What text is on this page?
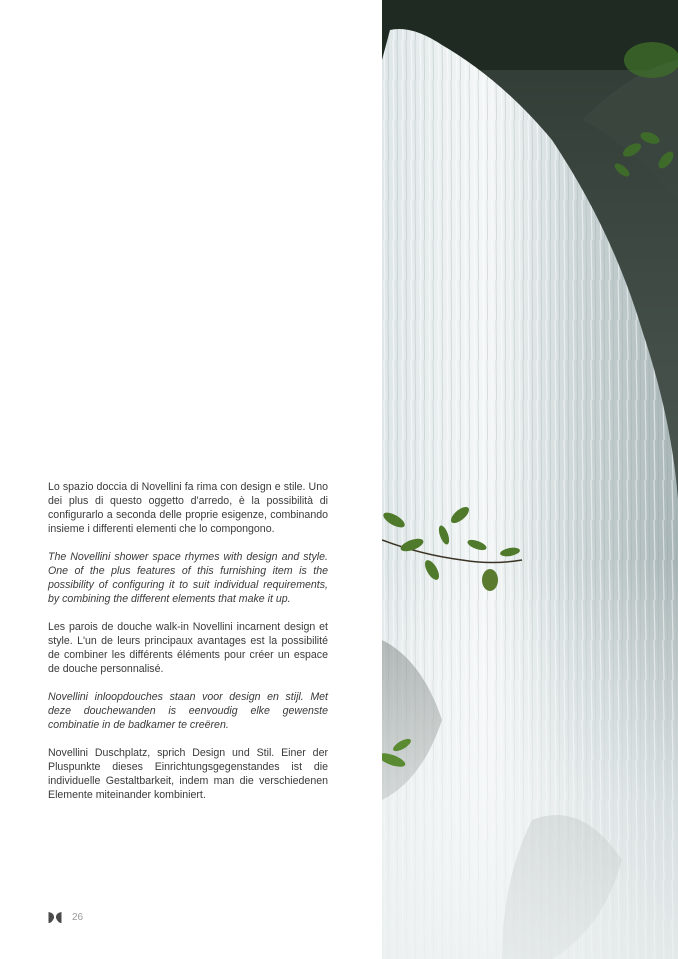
Lo spazio doccia di Novellini fa rima con design e stile. Uno dei plus di questo oggetto d'arredo, è la possibilità di configurarlo a seconda delle proprie esigenze, combinando insieme i differenti elementi che lo compongono.

The Novellini shower space rhymes with design and style. One of the plus features of this furnishing item is the possibility of configuring it to suit individual requirements, by combining the different elements that make it up.

Les parois de douche walk-in Novellini incarnent design et style. L'un de leurs principaux avantages est la possibilité de combiner les différents éléments pour créer un espace de douche personnalisé.

Novellini inloopdouches staan voor design en stijl. Met deze douchewanden is eenvoudig elke gewenste combinatie in de badkamer te creëren.

Novellini Duschplatz, sprich Design und Stil. Einer der Pluspunkte dieses Einrichtungsgegenstandes ist die individuelle Gestaltbarkeit, indem man die verschiedenen Elemente miteinander kombiniert.

26
